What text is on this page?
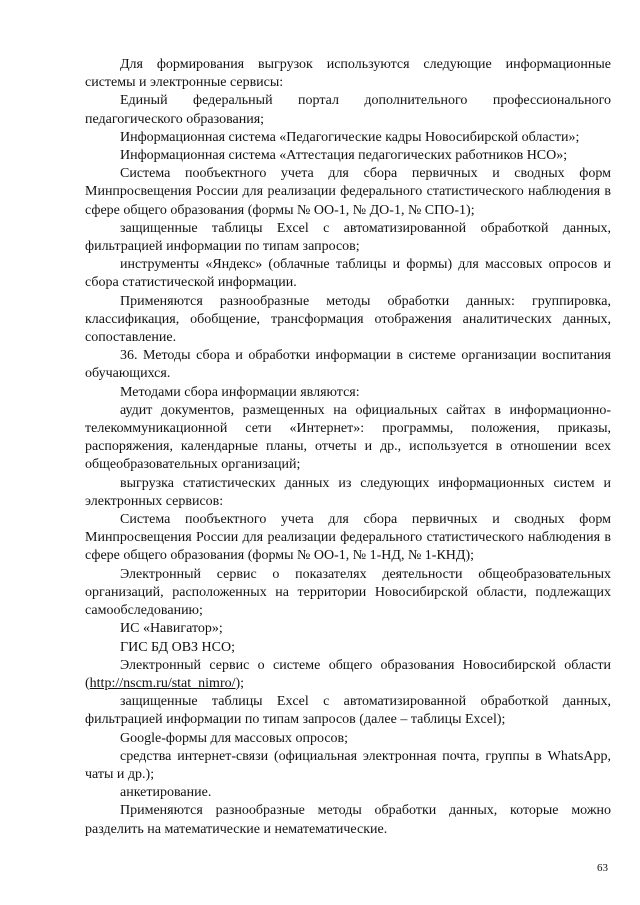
Для формирования выгрузок используются следующие информационные системы и электронные сервисы:

Единый федеральный портал дополнительного профессионального педагогического образования;

Информационная система «Педагогические кадры Новосибирской области»;

Информационная система «Аттестация педагогических работников НСО»;

Система пообъектного учета для сбора первичных и сводных форм Минпросвещения России для реализации федерального статистического наблюдения в сфере общего образования (формы № ОО-1, № ДО-1, № СПО-1);

защищенные таблицы Excel с автоматизированной обработкой данных, фильтрацией информации по типам запросов;

инструменты «Яндекс» (облачные таблицы и формы) для массовых опросов и сбора статистической информации.

Применяются разнообразные методы обработки данных: группировка, классификация, обобщение, трансформация отображения аналитических данных, сопоставление.

36. Методы сбора и обработки информации в системе организации воспитания обучающихся.

Методами сбора информации являются:

аудит документов, размещенных на официальных сайтах в информационно-телекоммуникационной сети «Интернет»: программы, положения, приказы, распоряжения, календарные планы, отчеты и др., используется в отношении всех общеобразовательных организаций;

выгрузка статистических данных из следующих информационных систем и электронных сервисов:

Система пообъектного учета для сбора первичных и сводных форм Минпросвещения России для реализации федерального статистического наблюдения в сфере общего образования (формы № ОО-1, № 1-НД, № 1-КНД);

Электронный сервис о показателях деятельности общеобразовательных организаций, расположенных на территории Новосибирской области, подлежащих самообследованию;

ИС «Навигатор»;

ГИС БД ОВЗ НСО;

Электронный сервис о системе общего образования Новосибирской области (http://nscm.ru/stat_nimro/);

защищенные таблицы Excel с автоматизированной обработкой данных, фильтрацией информации по типам запросов (далее – таблицы Excel);

Google-формы для массовых опросов;

средства интернет-связи (официальная электронная почта, группы в WhatsApp, чаты и др.);

анкетирование.

Применяются разнообразные методы обработки данных, которые можно разделить на математические и нематематические.

63
